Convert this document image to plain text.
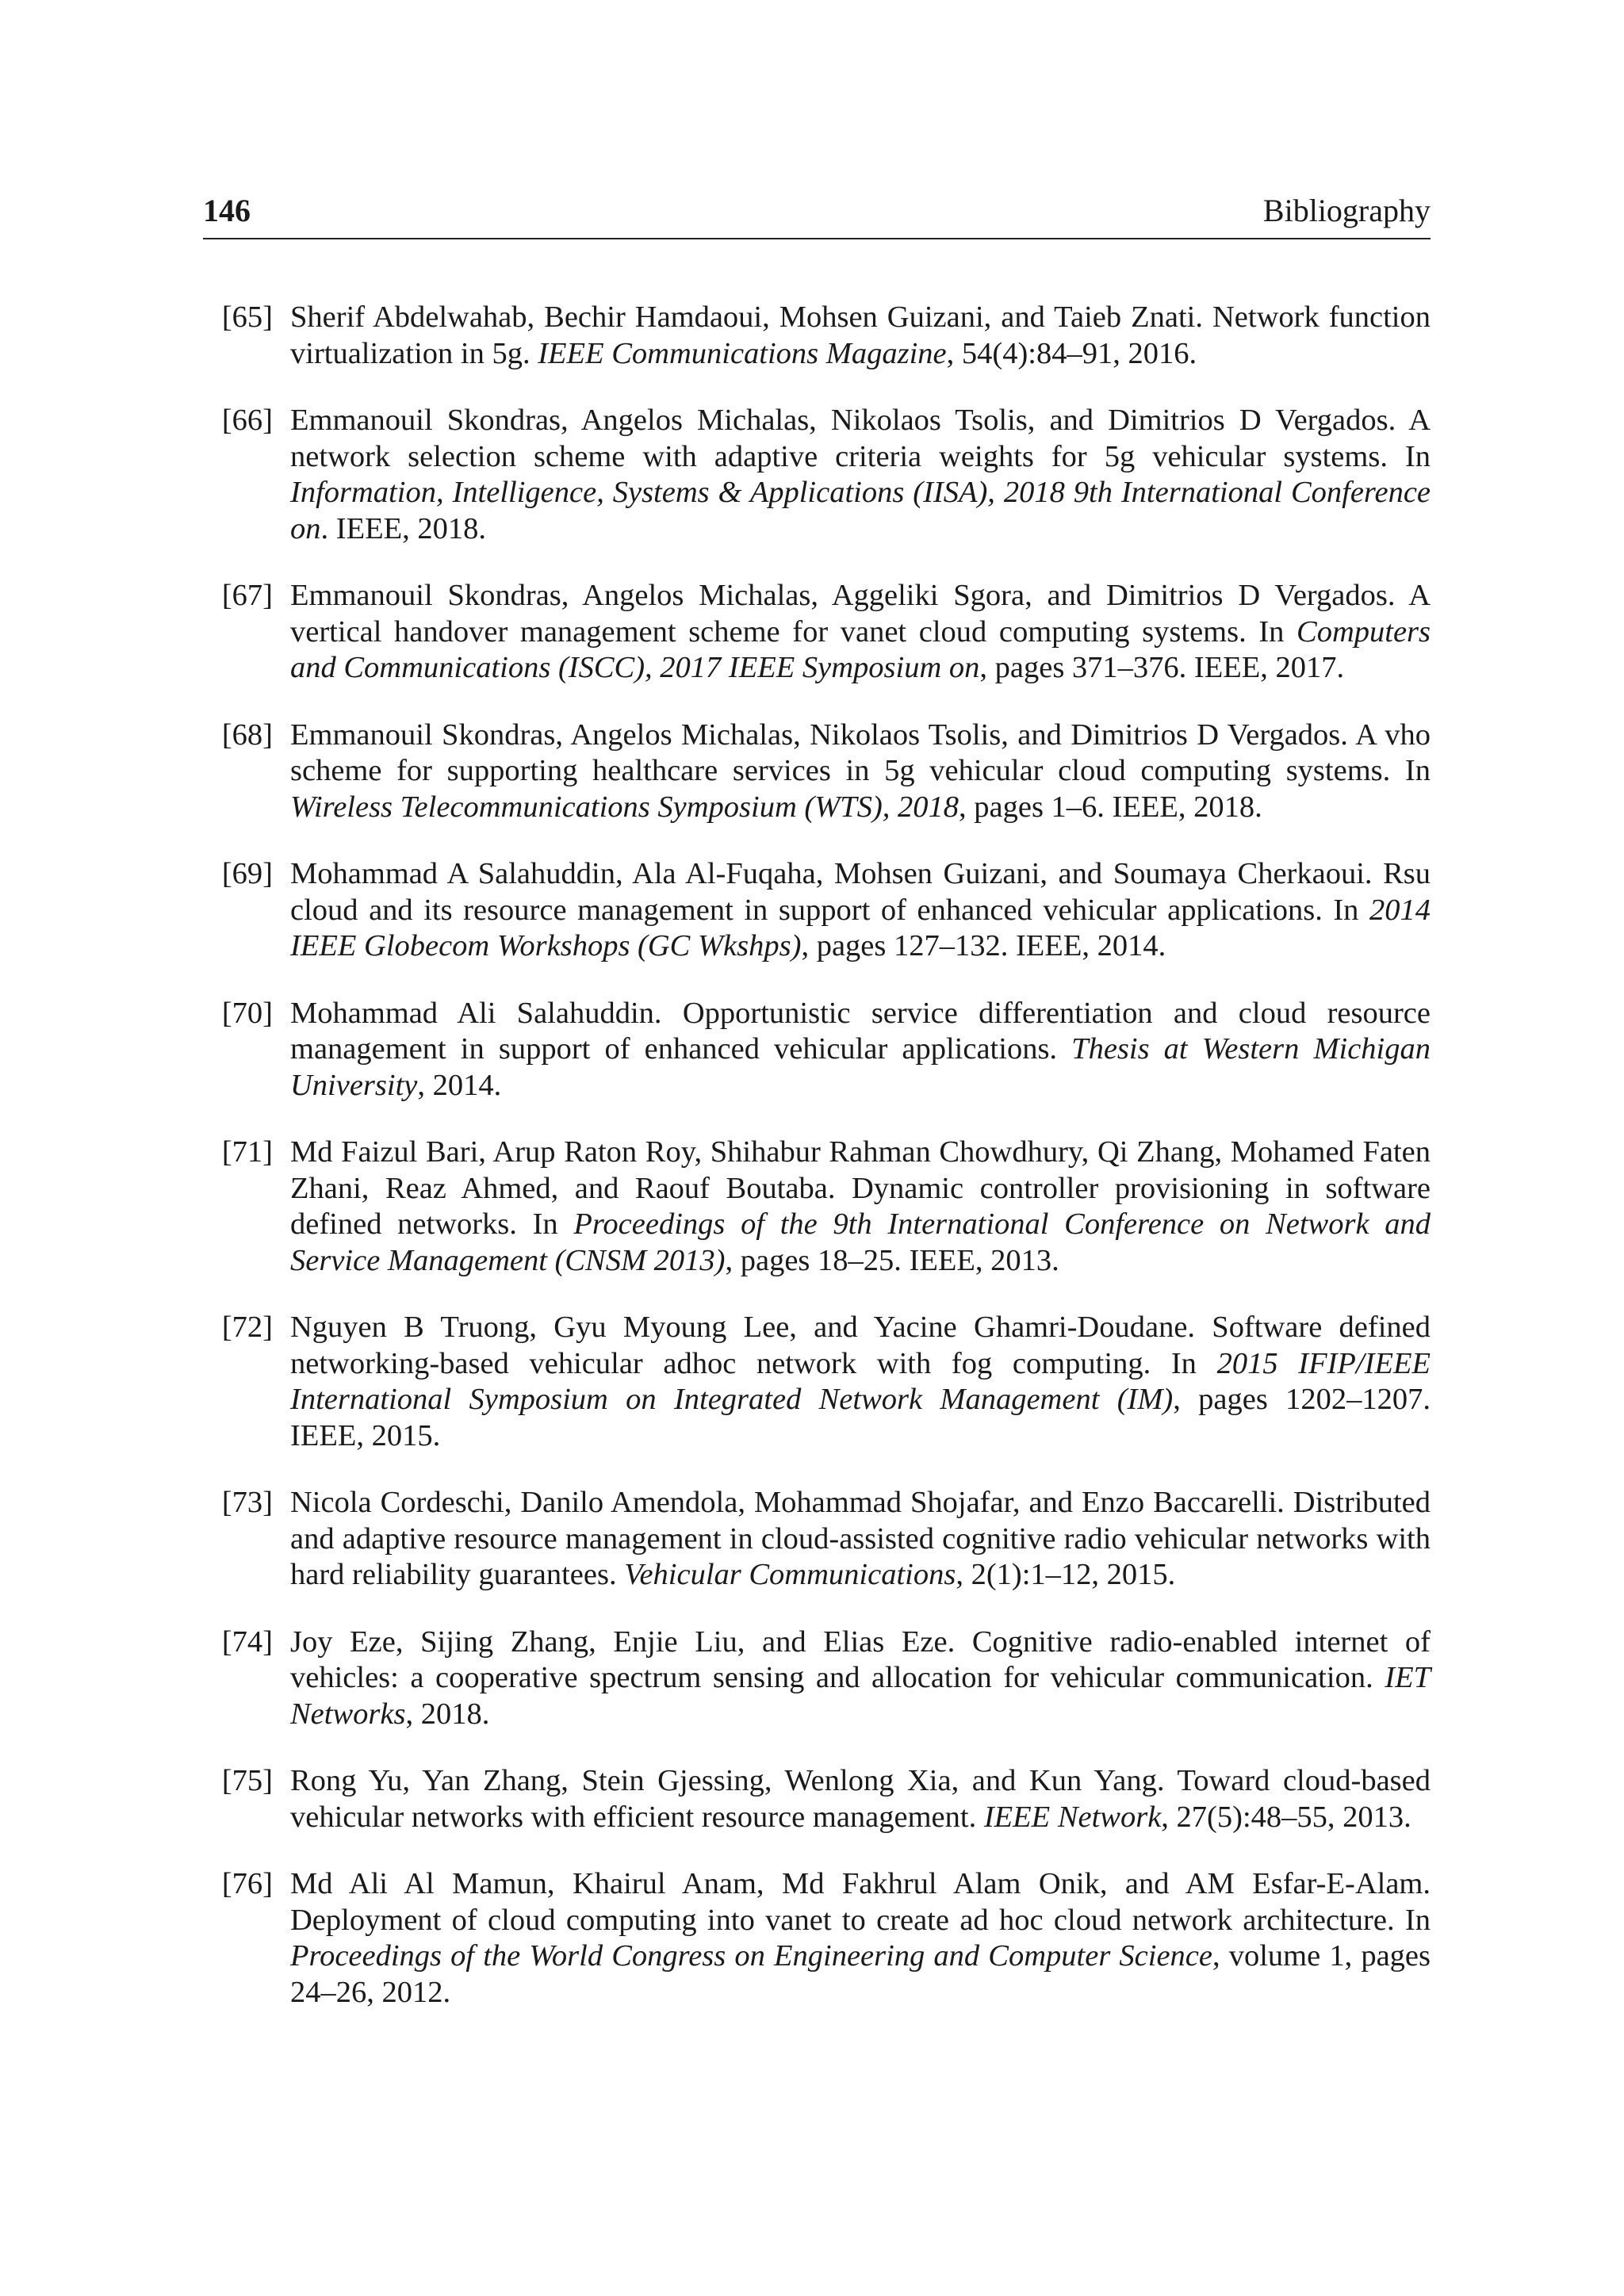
146	Bibliography
[65] Sherif Abdelwahab, Bechir Hamdaoui, Mohsen Guizani, and Taieb Znati. Network function virtualization in 5g. IEEE Communications Magazine, 54(4):84–91, 2016.
[66] Emmanouil Skondras, Angelos Michalas, Nikolaos Tsolis, and Dimitrios D Vergados. A network selection scheme with adaptive criteria weights for 5g vehicular systems. In Information, Intelligence, Systems & Applications (IISA), 2018 9th International Conference on. IEEE, 2018.
[67] Emmanouil Skondras, Angelos Michalas, Aggeliki Sgora, and Dimitrios D Vergados. A vertical handover management scheme for vanet cloud computing systems. In Computers and Communications (ISCC), 2017 IEEE Symposium on, pages 371–376. IEEE, 2017.
[68] Emmanouil Skondras, Angelos Michalas, Nikolaos Tsolis, and Dimitrios D Vergados. A vho scheme for supporting healthcare services in 5g vehicular cloud computing systems. In Wireless Telecommunications Symposium (WTS), 2018, pages 1–6. IEEE, 2018.
[69] Mohammad A Salahuddin, Ala Al-Fuqaha, Mohsen Guizani, and Soumaya Cherkaoui. Rsu cloud and its resource management in support of enhanced vehicular applications. In 2014 IEEE Globecom Workshops (GC Wkshps), pages 127–132. IEEE, 2014.
[70] Mohammad Ali Salahuddin. Opportunistic service differentiation and cloud resource management in support of enhanced vehicular applications. Thesis at Western Michigan University, 2014.
[71] Md Faizul Bari, Arup Raton Roy, Shihabur Rahman Chowdhury, Qi Zhang, Mohamed Faten Zhani, Reaz Ahmed, and Raouf Boutaba. Dynamic controller provisioning in software defined networks. In Proceedings of the 9th International Conference on Network and Service Management (CNSM 2013), pages 18–25. IEEE, 2013.
[72] Nguyen B Truong, Gyu Myoung Lee, and Yacine Ghamri-Doudane. Software defined networking-based vehicular adhoc network with fog computing. In 2015 IFIP/IEEE International Symposium on Integrated Network Management (IM), pages 1202–1207. IEEE, 2015.
[73] Nicola Cordeschi, Danilo Amendola, Mohammad Shojafar, and Enzo Baccarelli. Distributed and adaptive resource management in cloud-assisted cognitive radio vehicular networks with hard reliability guarantees. Vehicular Communications, 2(1):1–12, 2015.
[74] Joy Eze, Sijing Zhang, Enjie Liu, and Elias Eze. Cognitive radio-enabled internet of vehicles: a cooperative spectrum sensing and allocation for vehicular communication. IET Networks, 2018.
[75] Rong Yu, Yan Zhang, Stein Gjessing, Wenlong Xia, and Kun Yang. Toward cloud-based vehicular networks with efficient resource management. IEEE Network, 27(5):48–55, 2013.
[76] Md Ali Al Mamun, Khairul Anam, Md Fakhrul Alam Onik, and AM Esfar-E-Alam. Deployment of cloud computing into vanet to create ad hoc cloud network architecture. In Proceedings of the World Congress on Engineering and Computer Science, volume 1, pages 24–26, 2012.
